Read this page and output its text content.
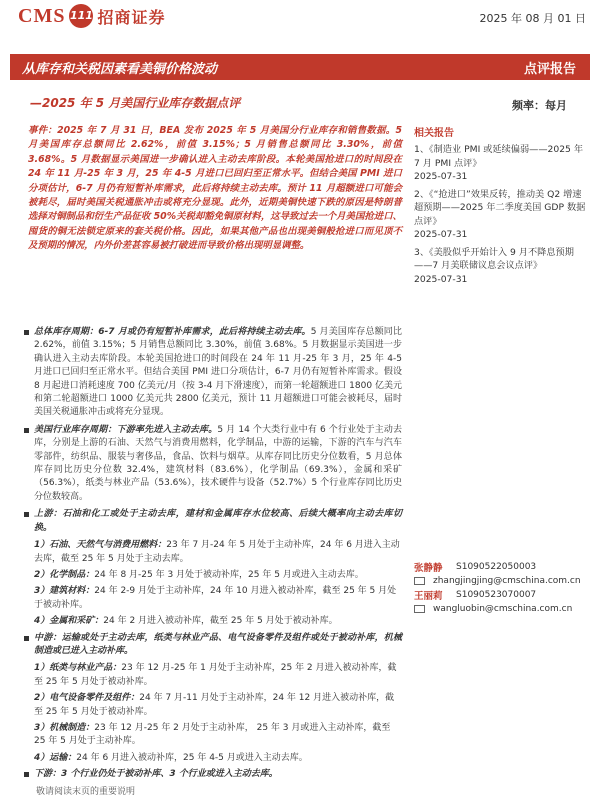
CMS 111 招商证券	2025 年 08 月 01 日
从库存和关税因素看美铜价格波动	点评报告
—2025 年 5 月美国行业库存数据点评	频率：每月
事件：2025 年 7 月 31 日，BEA 发布 2025 年 5 月美国分行业库存和销售数据。5 月美国库存总额同比 2.62%，前值 3.15%；5 月销售总额同比 3.30%，前值 3.68%。5 月数据显示美国进一步确认进入主动去库阶段。本轮美国抢进口的时间段在 24 年 11 月-25 年 3 月，25 年 4-5 月进口已回归至正常水平。但结合美国 PMI 进口分项估计，6-7 月仍有短暂补库需求，此后将持续主动去库。预计 11 月超额进口可能会被耗尽，届时美国关税通胀冲击或将充分显现。此外，近期美铜快速下跌的原因是特朗普选择对铜制品和衍生产品征收 50%关税却豁免铜原材料，这导致过去一个月美国抢进口、囤货的铜无法锁定原来的套关税价格。因此，如果其他产品也出现美铜般抢进口而见顶不及预期的情况，内外价差甚容易被打破进而导致价格出现明显调整。
相关报告
1、《制造业 PMI 或延续偏弱——2025 年 7 月 PMI 点评》
2025-07-31
2、《“抢进口”效果反转，推动美 Q2 增速超预期——2025 年二季度美国 GDP 数据点评》
2025-07-31
3、《美股似乎开始计入 9 月不降息预期——7 月美联储议息会议点评》
2025-07-31
总体库存周期：6-7 月或仍有短暂补库需求，此后将持续主动去库。5 月美国库存总额同比 2.62%，前值 3.15%；5 月销售总额同比 3.30%，前值 3.68%。5 月数据显示美国进一步确认进入主动去库阶段。本轮美国抢进口的时间段在 24 年 11 月-25 年 3 月，25 年 4-5 月进口已回归至正常水平。但结合美国 PMI 进口分项估计，6-7 月仍有短暂补库需求。假设 8 月起进口消耗速度 700 亿美元/月（按 3-4 月下滑速度），而第一轮超额进口 1800 亿美元和第二轮超额进口 1000 亿美元共 2800 亿美元，预计 11 月超额进口可能会被耗尽，届时美国关税通胀冲击或将充分显现。
美国行业库存周期：下游率先进入主动去库。5 月 14 个大类行业中有 6 个行业处于主动去库，分别是上游的石油、天然气与消费用燃料，化学制品，中游的运输，下游的汽车与汽车零部件，纺织品、服装与奢侈品，食品、饮料与烟草。从库存同比历史分位数看，5 月总体库存同比历史分位数 32.4%，建筑材料（83.6%），化学制品（69.3%），金属和采矿（56.3%），纸类与林业产品（53.6%），技术硬件与设备（52.7%）5 个行业库存同比历史分位数较高。
上游：石油和化工或处于主动去库，建材和金属库存水位较高、后续大概率向主动去库切换。
1）石油、天然气与消费用燃料：23 年 7 月-24 年 5 月处于主动补库，24 年 6 月进入主动去库，截至 25 年 5 月处于主动去库。
2）化学制品：24 年 8 月-25 年 3 月处于被动补库，25 年 5 月或进入主动去库。
3）建筑材料：24 年 2-9 月处于主动补库，24 年 10 月进入被动补库，截至 25 年 5 月处于被动补库。
4）金属和采矿：24 年 2 月进入被动补库，截至 25 年 5 月处于被动补库。
中游：运输或处于主动去库，纸类与林业产品、电气设备零件及组件或处于被动补库，机械制造或已进入主动补库。
1）纸类与林业产品：23 年 12 月-25 年 1 月处于主动补库，25 年 2 月进入被动补库，截至 25 年 5 月处于被动补库。
2）电气设备零件及组件：24 年 7 月-11 月处于主动补库，24 年 12 月进入被动补库，截至 25 年 5 月处于被动补库。
3）机械制造：23 年 12 月-25 年 2 月处于主动补库， 25 年 3 月或进入主动补库，截至 25 年 5 月处于主动补库。
4）运输：24 年 6 月进入被动补库，25 年 4-5 月或进入主动去库。
下游：3 个行业仍处于被动补库、3 个行业或进入主动去库。
张静静	S1090522050003
zhangjingjing@cmschina.com.cn
王丽莉	S1090523070007
wangluobin@cmschina.com.cn
敬请阅读末页的重要说明
